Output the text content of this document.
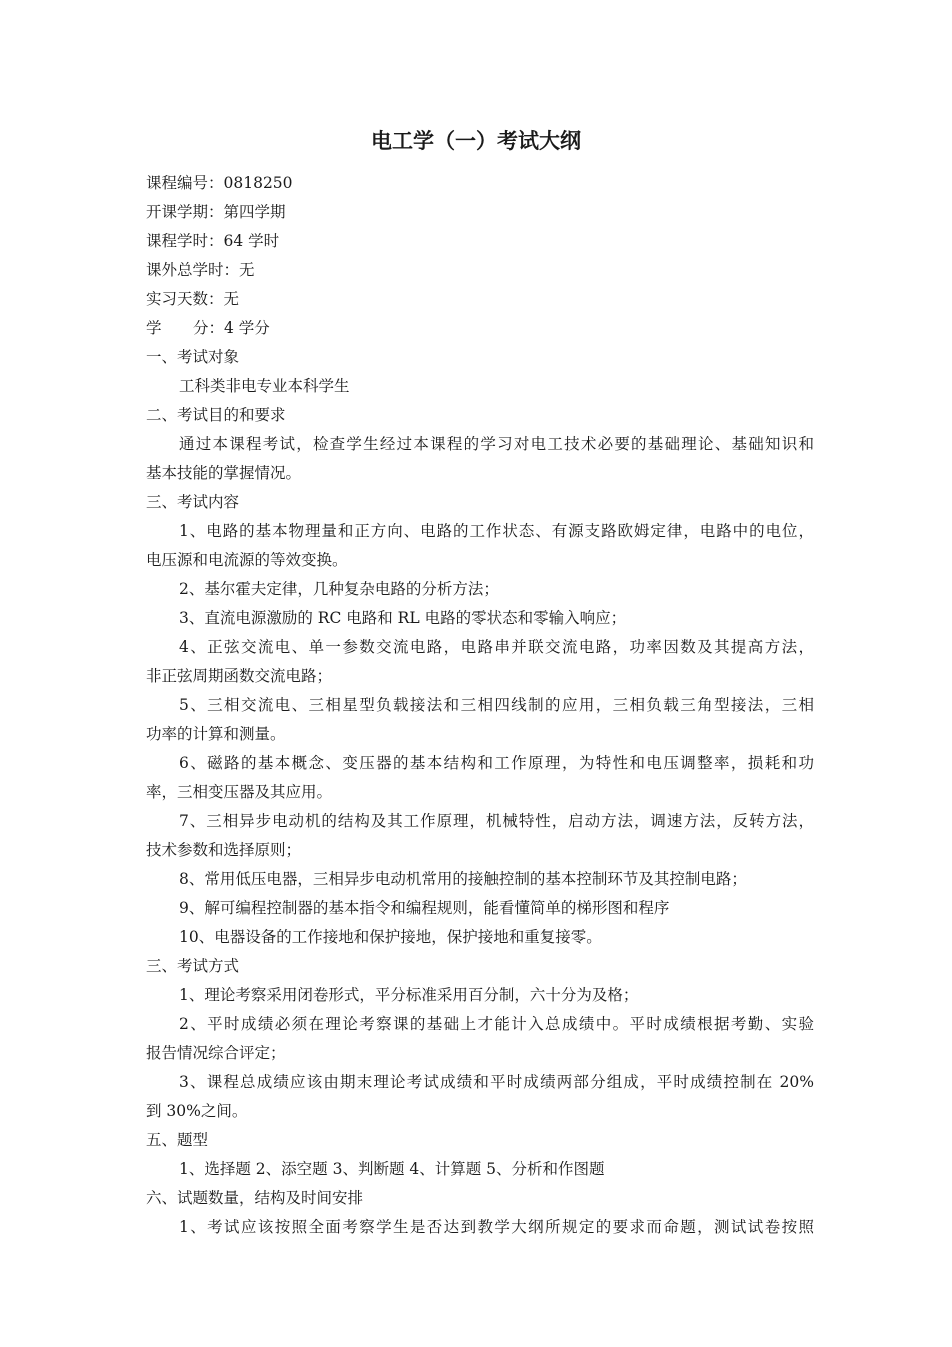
电工学（一）考试大纲

课程编号：0818250

开课学期：第四学期

课程学时：64 学时

课外总学时：无

实习天数：无

学 分：4 学分

一、考试对象

工科类非电专业本科学生

二、考试目的和要求

通过本课程考试，检查学生经过本课程的学习对电工技术必要的基础理论、基础知识和

基本技能的掌握情况。

三、考试内容

1、电路的基本物理量和正方向、电路的工作状态、有源支路欧姆定律，电路中的电位，

电压源和电流源的等效变换。

2、基尔霍夫定律，几种复杂电路的分析方法；

3、直流电源激励的 RC 电路和 RL 电路的零状态和零输入响应；

4、正弦交流电、单一参数交流电路，电路串并联交流电路，功率因数及其提高方法，

非正弦周期函数交流电路；

5、三相交流电、三相星型负载接法和三相四线制的应用，三相负载三角型接法，三相

功率的计算和测量。

6、磁路的基本概念、变压器的基本结构和工作原理，为特性和电压调整率，损耗和功

率，三相变压器及其应用。

7、三相异步电动机的结构及其工作原理，机械特性，启动方法，调速方法，反转方法，

技术参数和选择原则；

8、常用低压电器，三相异步电动机常用的接触控制的基本控制环节及其控制电路；

9、解可编程控制器的基本指令和编程规则，能看懂简单的梯形图和程序

10、电器设备的工作接地和保护接地，保护接地和重复接零。

三、考试方式

1、理论考察采用闭卷形式，平分标准采用百分制，六十分为及格；

2、平时成绩必须在理论考察课的基础上才能计入总成绩中。平时成绩根据考勤、实验

报告情况综合评定；

3、课程总成绩应该由期末理论考试成绩和平时成绩两部分组成，平时成绩控制在 20%

到 30%之间。

五、题型

1、选择题 2、添空题 3、判断题 4、计算题 5、分析和作图题

六、试题数量，结构及时间安排

1、考试应该按照全面考察学生是否达到教学大纲所规定的要求而命题，测试试卷按照
